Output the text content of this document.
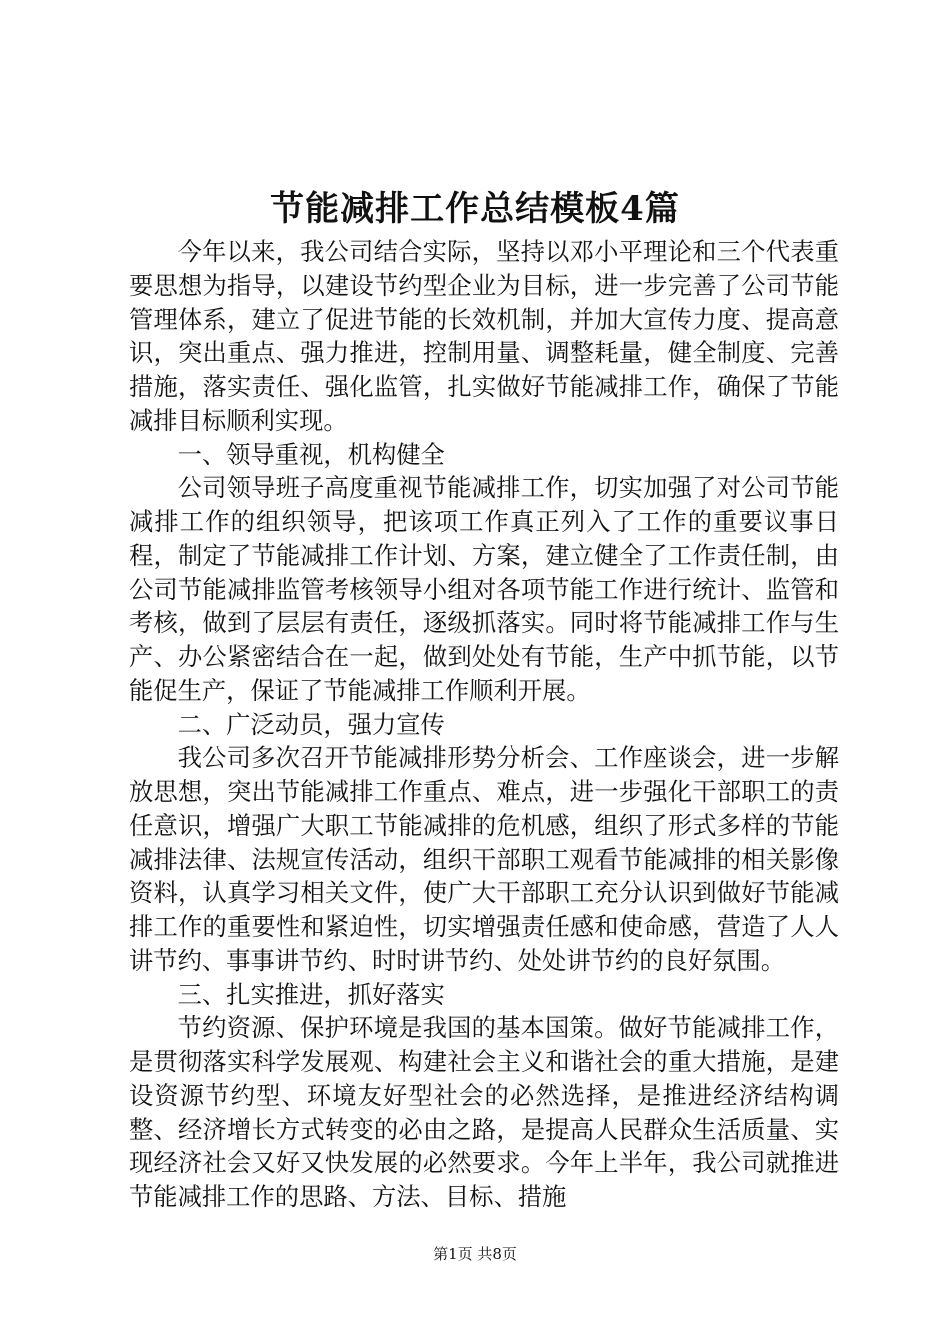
节能减排工作总结模板4篇

今年以来，我公司结合实际，坚持以邓小平理论和三个代表重要思想为指导，以建设节约型企业为目标，进一步完善了公司节能管理体系，建立了促进节能的长效机制，并加大宣传力度、提高意识，突出重点、强力推进，控制用量、调整耗量，健全制度、完善措施，落实责任、强化监管，扎实做好节能减排工作，确保了节能减排目标顺利实现。

一、领导重视，机构健全

公司领导班子高度重视节能减排工作，切实加强了对公司节能减排工作的组织领导，把该项工作真正列入了工作的重要议事日程，制定了节能减排工作计划、方案，建立健全了工作责任制，由公司节能减排监管考核领导小组对各项节能工作进行统计、监管和考核，做到了层层有责任，逐级抓落实。同时将节能减排工作与生产、办公紧密结合在一起，做到处处有节能，生产中抓节能，以节能促生产，保证了节能减排工作顺利开展。

二、广泛动员，强力宣传

我公司多次召开节能减排形势分析会、工作座谈会，进一步解放思想，突出节能减排工作重点、难点，进一步强化干部职工的责任意识，增强广大职工节能减排的危机感，组织了形式多样的节能减排法律、法规宣传活动，组织干部职工观看节能减排的相关影像资料，认真学习相关文件，使广大干部职工充分认识到做好节能减排工作的重要性和紧迫性，切实增强责任感和使命感，营造了人人讲节约、事事讲节约、时时讲节约、处处讲节约的良好氛围。

三、扎实推进，抓好落实

节约资源、保护环境是我国的基本国策。做好节能减排工作，是贯彻落实科学发展观、构建社会主义和谐社会的重大措施，是建设资源节约型、环境友好型社会的必然选择，是推进经济结构调整、经济增长方式转变的必由之路，是提高人民群众生活质量、实现经济社会又好又快发展的必然要求。今年上半年，我公司就推进节能减排工作的思路、方法、目标、措施

第1页 共8页
